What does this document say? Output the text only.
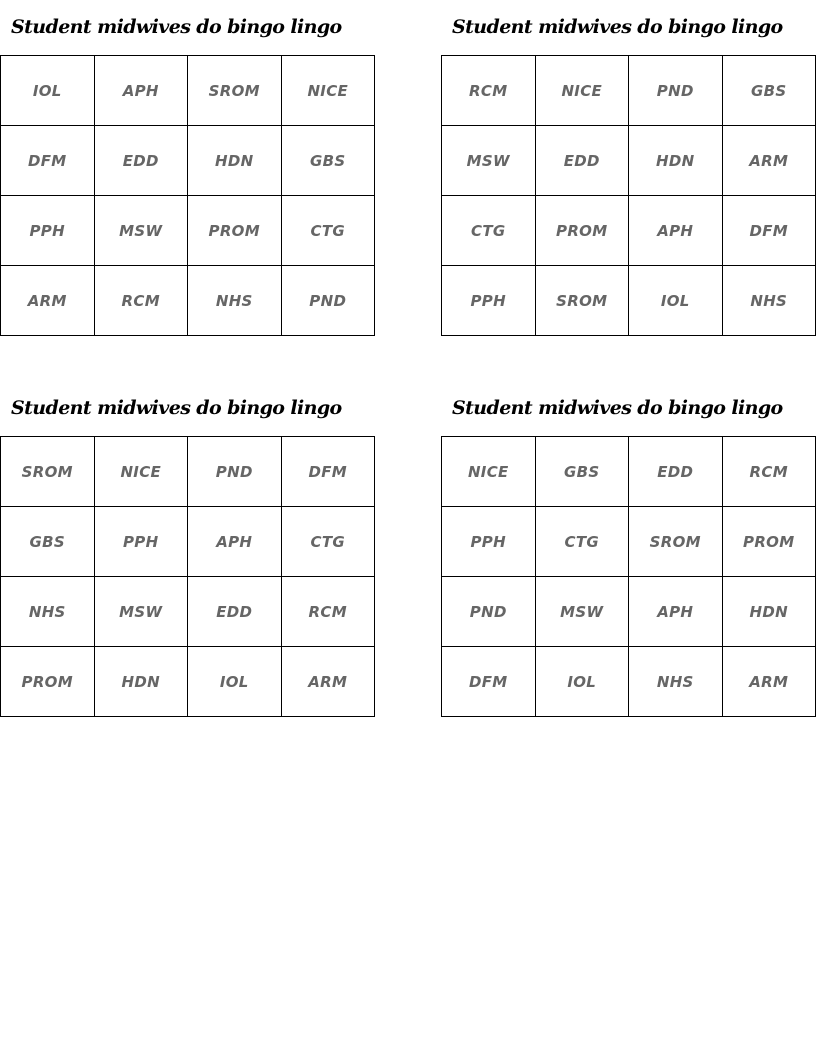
Student midwives do bingo lingo
IOL	APH	SROM	NICE
DFM	EDD	HDN	GBS
PPH	MSW	PROM	CTG
ARM	RCM	NHS	PND
Student midwives do bingo lingo
RCM	NICE	PND	GBS
MSW	EDD	HDN	ARM
CTG	PROM	APH	DFM
PPH	SROM	IOL	NHS
Student midwives do bingo lingo
SROM	NICE	PND	DFM
GBS	PPH	APH	CTG
NHS	MSW	EDD	RCM
PROM	HDN	IOL	ARM
Student midwives do bingo lingo
NICE	GBS	EDD	RCM
PPH	CTG	SROM	PROM
PND	MSW	APH	HDN
DFM	IOL	NHS	ARM
